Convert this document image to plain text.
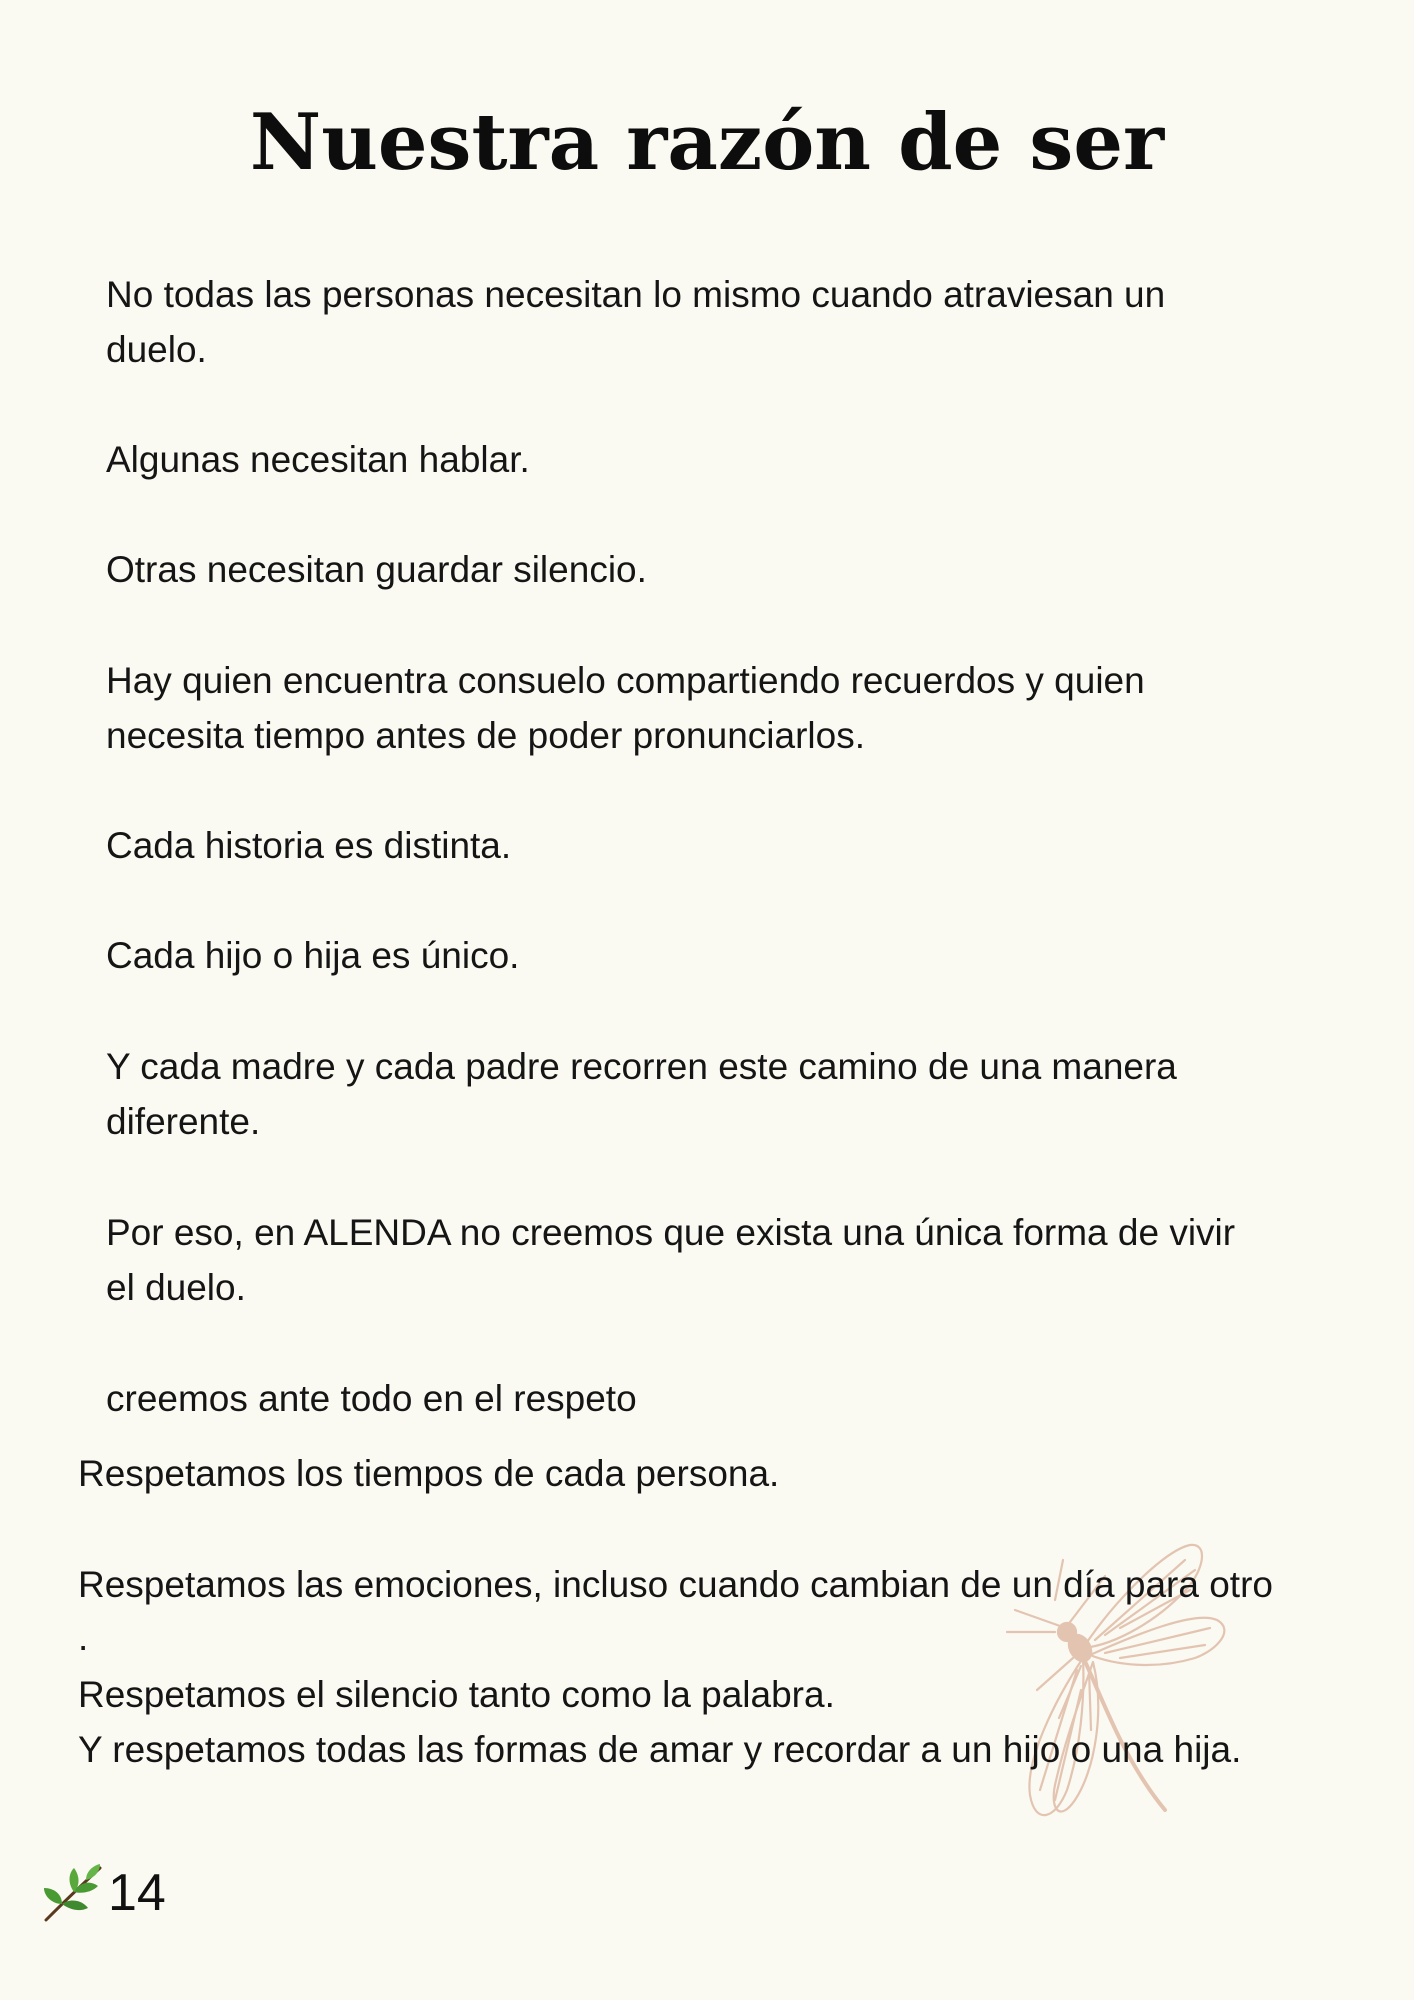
Nuestra razón de ser

No todas las personas necesitan lo mismo cuando atraviesan un

duelo.

Algunas necesitan hablar.

Otras necesitan guardar silencio.

Hay quien encuentra consuelo compartiendo recuerdos y quien

necesita tiempo antes de poder pronunciarlos.

Cada historia es distinta.

Cada hijo o hija es único.

Y cada madre y cada padre recorren este camino de una manera

diferente.

Por eso, en ALENDA no creemos que exista una única forma de vivir

el duelo.

creemos ante todo en el respeto

Respetamos los tiempos de cada persona.

Respetamos las emociones, incluso cuando cambian de un día para otro

.

Respetamos el silencio tanto como la palabra.

Y respetamos todas las formas de amar y recordar a un hijo o una hija.

14
